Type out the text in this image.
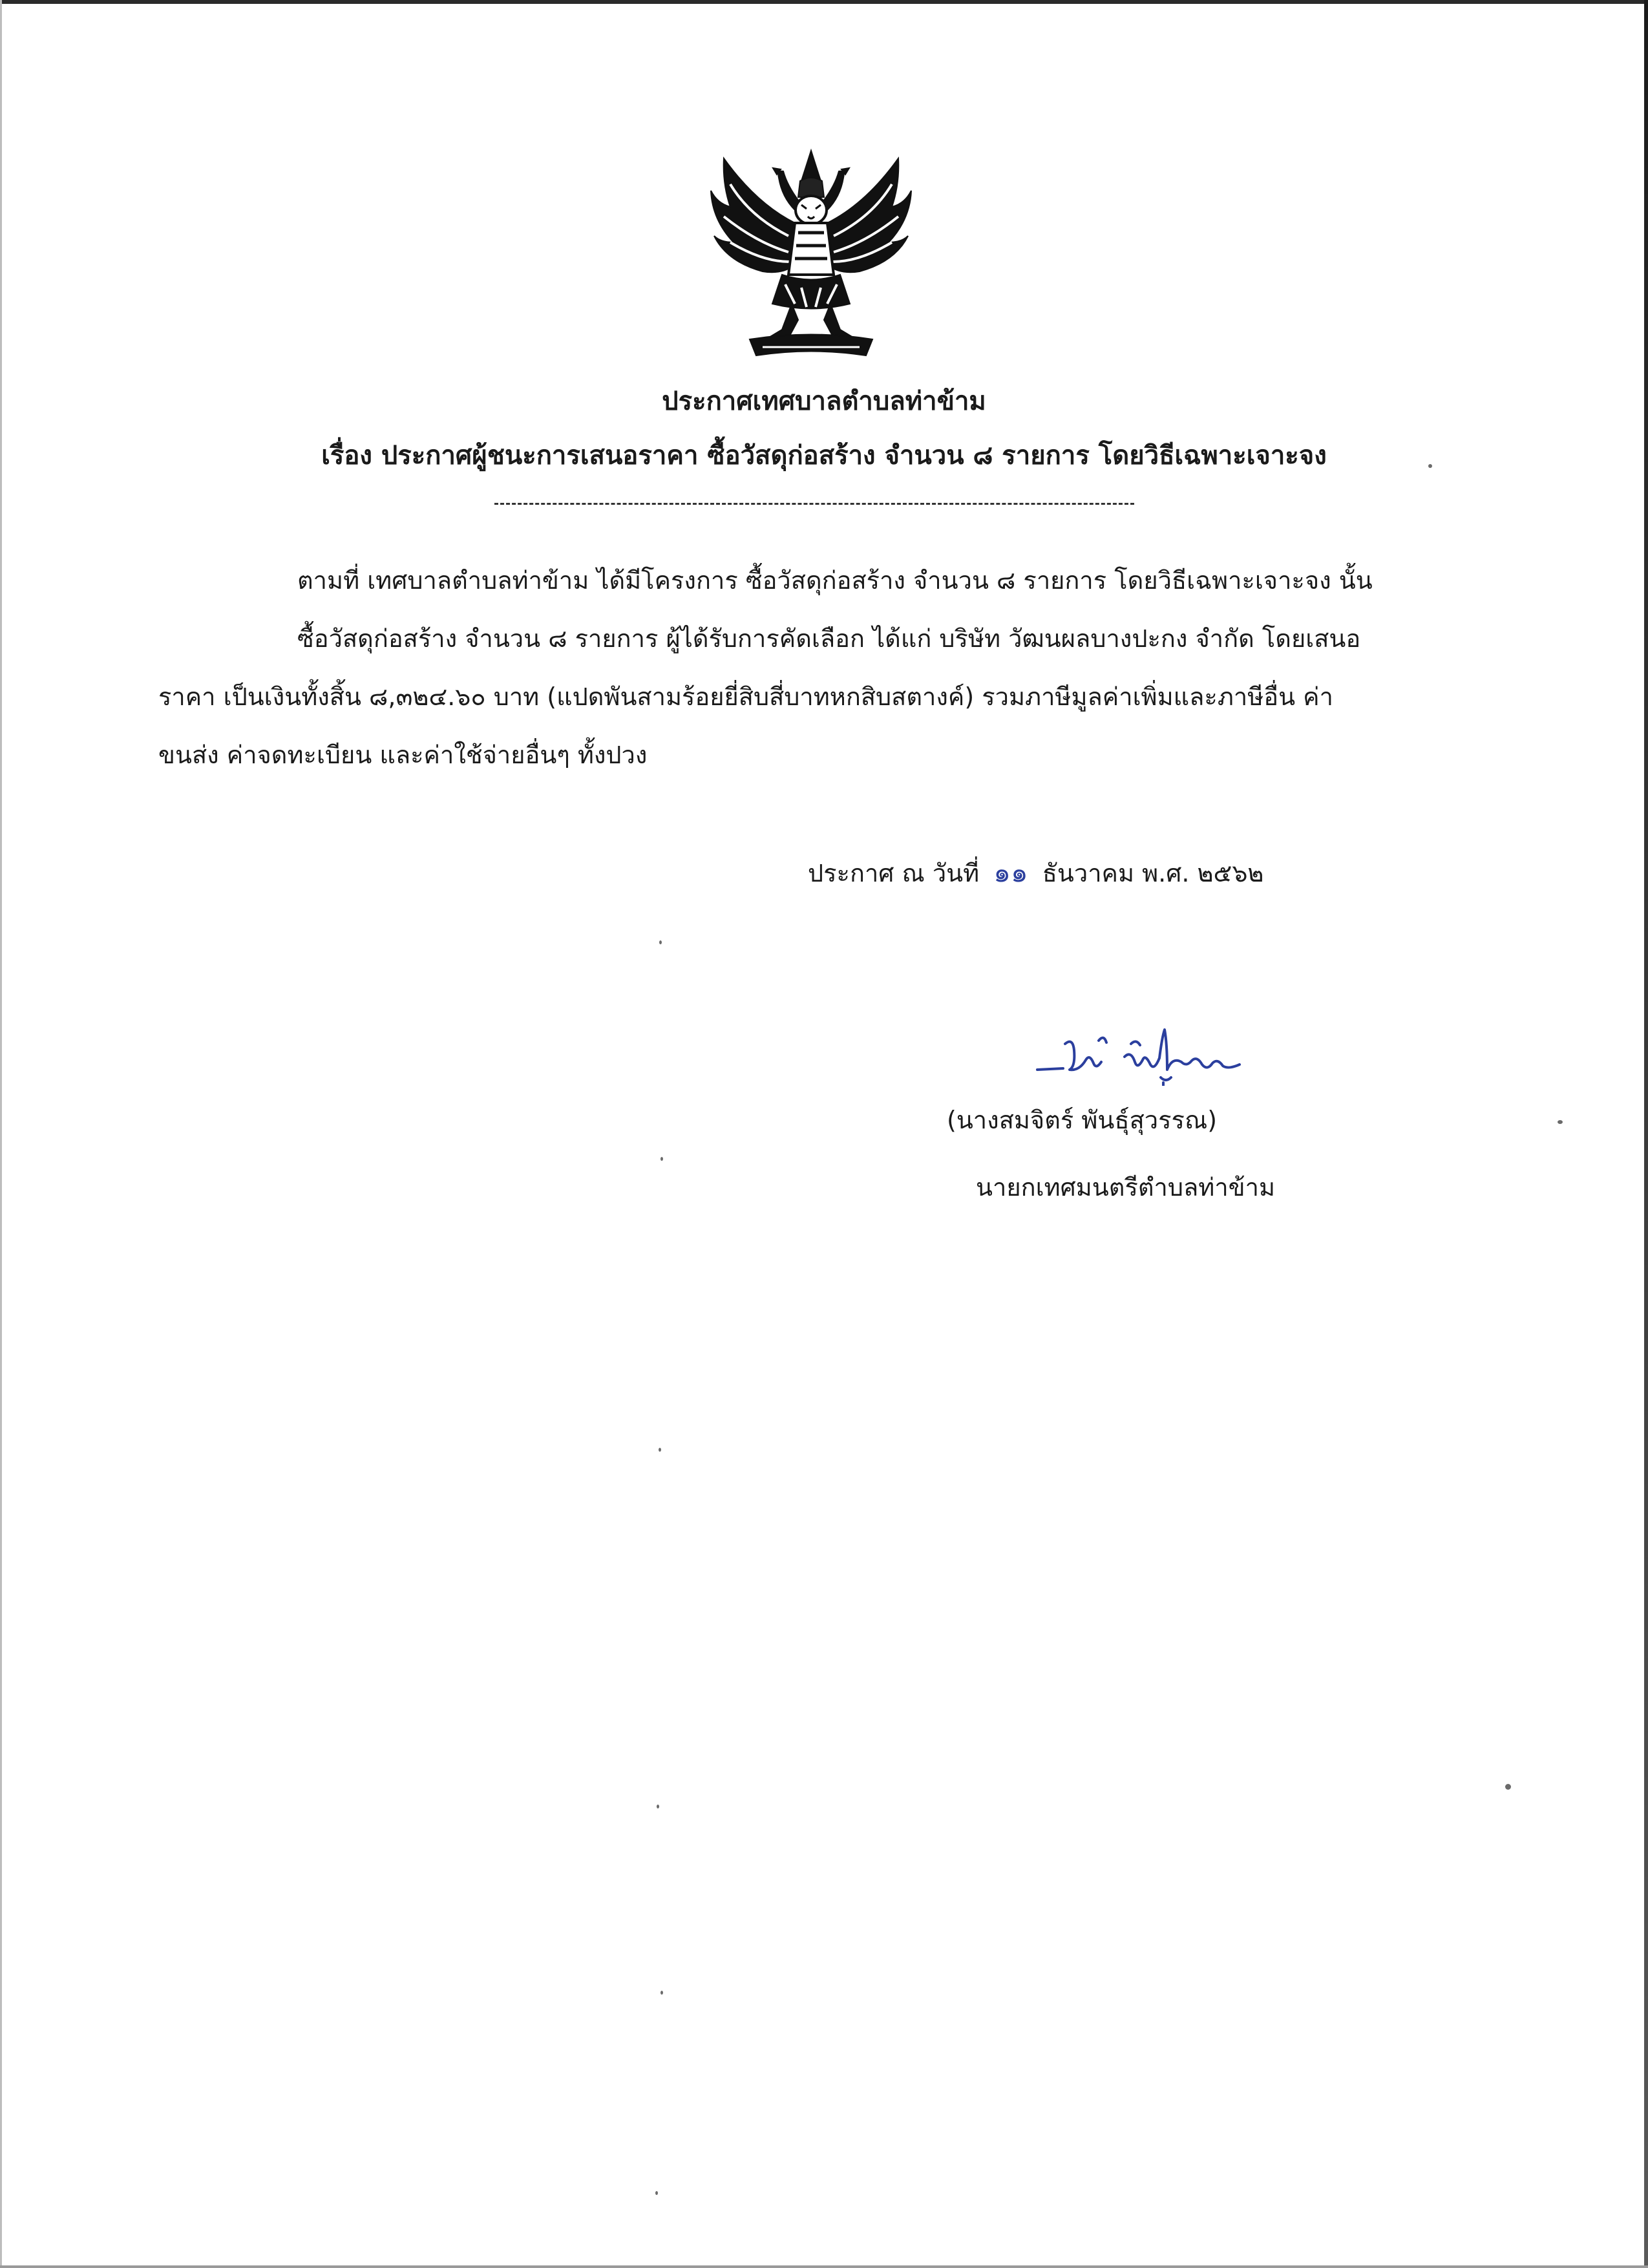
ประกาศเทศบาลตำบลท่าข้าม
เรื่อง ประกาศผู้ชนะการเสนอราคา ซื้อวัสดุก่อสร้าง จำนวน ๘ รายการ โดยวิธีเฉพาะเจาะจง
ตามที่ เทศบาลตำบลท่าข้าม ได้มีโครงการ ซื้อวัสดุก่อสร้าง จำนวน ๘ รายการ โดยวิธีเฉพาะเจาะจง นั้น
ซื้อวัสดุก่อสร้าง จำนวน ๘ รายการ ผู้ได้รับการคัดเลือก ได้แก่ บริษัท วัฒนผลบางปะกง จำกัด โดยเสนอ
ราคา เป็นเงินทั้งสิ้น ๘,๓๒๔.๖๐ บาท (แปดพันสามร้อยยี่สิบสี่บาทหกสิบสตางค์) รวมภาษีมูลค่าเพิ่มและภาษีอื่น ค่า
ขนส่ง ค่าจดทะเบียน และค่าใช้จ่ายอื่นๆ ทั้งปวง
ประกาศ ณ วันที่ ๑๑ ธันวาคม พ.ศ. ๒๕๖๒
(นางสมจิตร์ พันธุ์สุวรรณ)
นายกเทศมนตรีตำบลท่าข้าม
